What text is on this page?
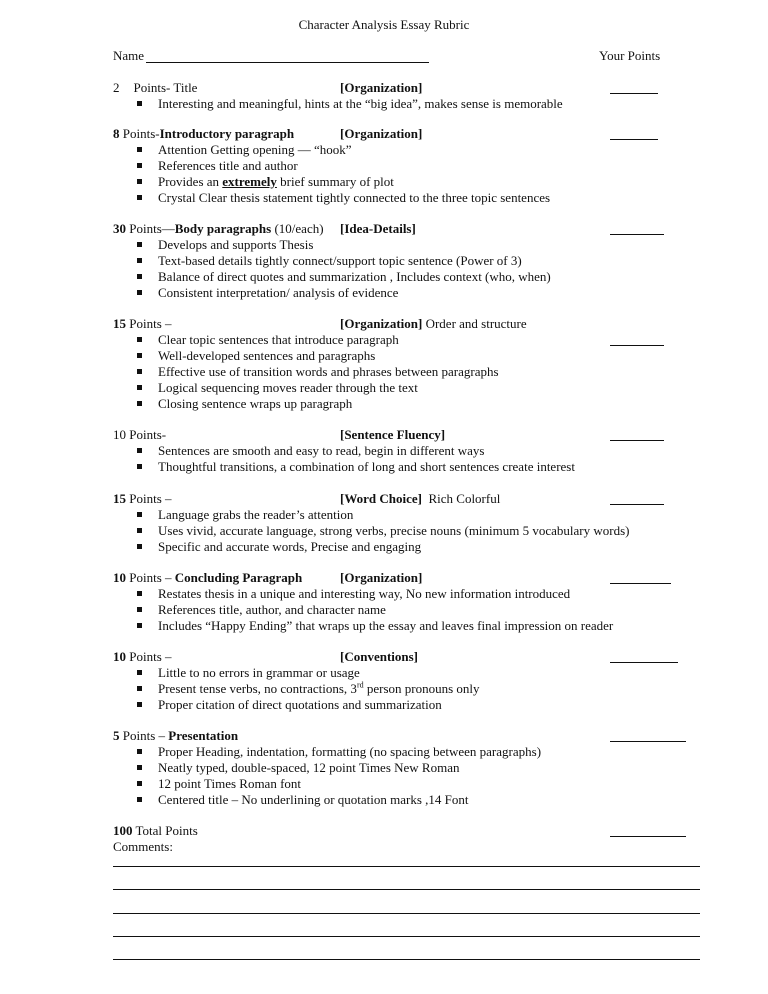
Character Analysis Essay Rubric
Name	Your Points
2 Points- Title	[Organization]
Interesting and meaningful, hints at the “big idea”, makes sense is memorable
8 Points-Introductory paragraph	[Organization]
Attention Getting opening — “hook”
References title and author
Provides an extremely brief summary of plot
Crystal Clear thesis statement tightly connected to the three topic sentences
30 Points—Body paragraphs (10/each) [Idea-Details]
Develops and supports Thesis
Text-based details tightly connect/support topic sentence (Power of 3)
Balance of direct quotes and summarization , Includes context (who, when)
Consistent interpretation/ analysis of evidence
15 Points –	[Organization] Order and structure
Clear topic sentences that introduce paragraph
Well-developed sentences and paragraphs
Effective use of transition words and phrases between paragraphs
Logical sequencing moves reader through the text
Closing sentence wraps up paragraph
10 Points-	[Sentence Fluency]
Sentences are smooth and easy to read, begin in different ways
Thoughtful transitions, a combination of long and short sentences create interest
15 Points –	[Word Choice] Rich Colorful
Language grabs the reader’s attention
Uses vivid, accurate language, strong verbs, precise nouns (minimum 5 vocabulary words)
Specific and accurate words, Precise and engaging
10 Points – Concluding Paragraph	[Organization]
Restates thesis in a unique and interesting way, No new information introduced
References title, author, and character name
Includes “Happy Ending” that wraps up the essay and leaves final impression on reader
10 Points –	[Conventions]
Little to no errors in grammar or usage
Present tense verbs, no contractions, 3rd person pronouns only
Proper citation of direct quotations and summarization
5 Points – Presentation
Proper Heading, indentation, formatting (no spacing between paragraphs)
Neatly typed, double-spaced, 12 point Times New Roman
12 point Times Roman font
Centered title – No underlining or quotation marks ,14 Font
100 Total Points
Comments:
